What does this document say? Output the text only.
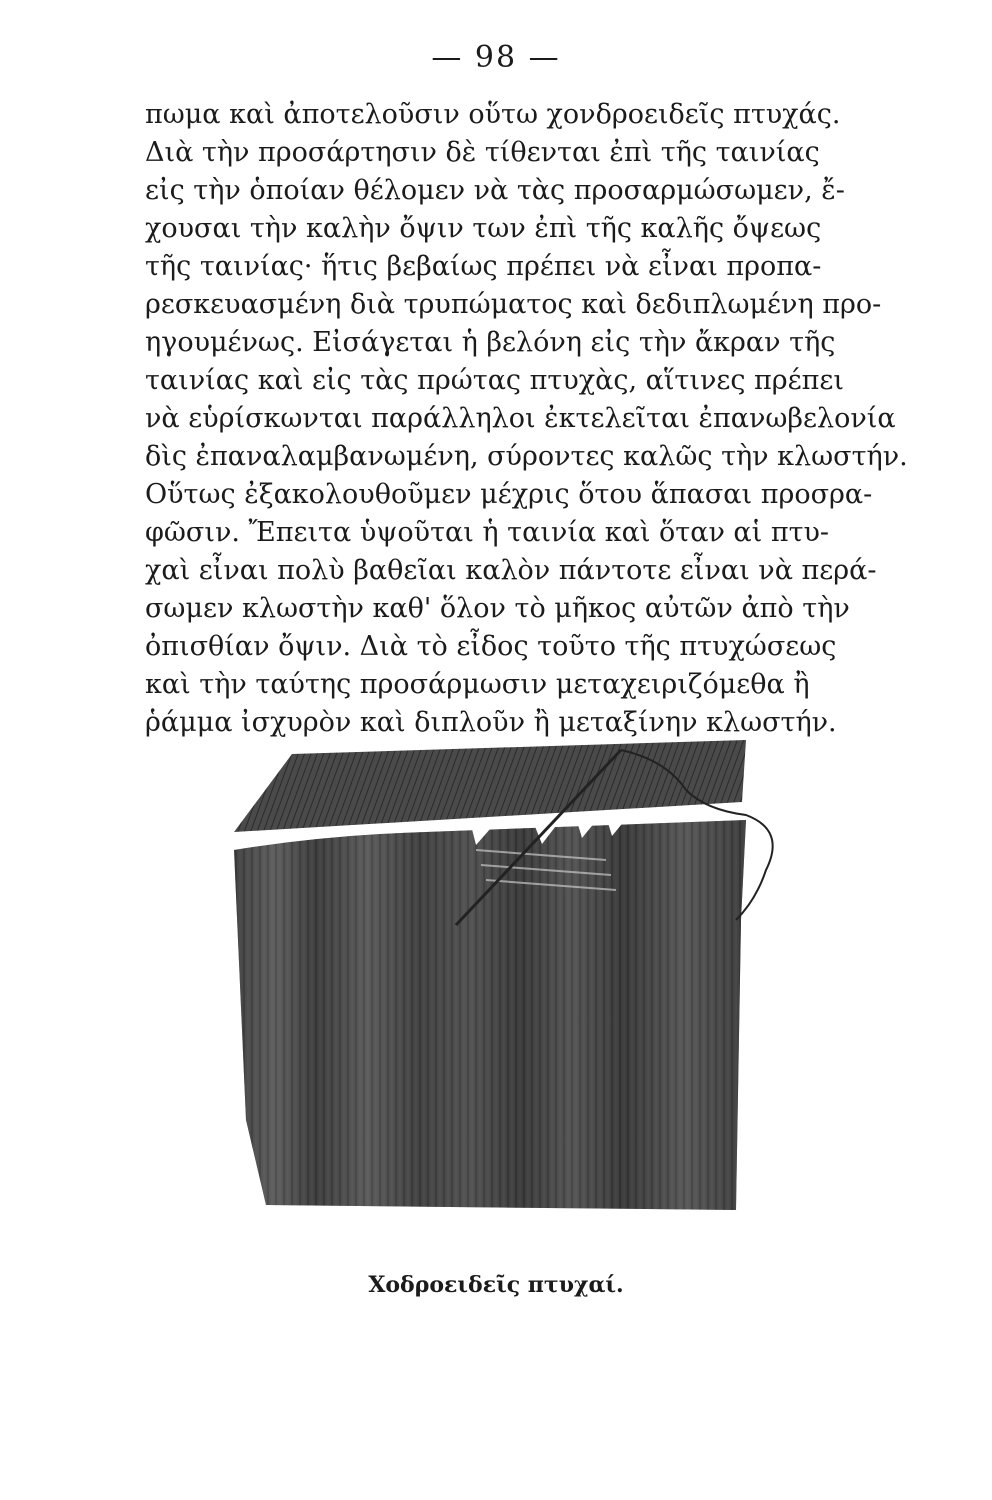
— 98 —
πωμα καὶ ἀποτελοῦσιν οὕτω χονδροειδεῖς πτυχάς.
Διὰ τὴν προσάρτησιν δὲ τίθενται ἐπὶ τῆς ταινίας
εἰς τὴν ὁποίαν θέλομεν νὰ τὰς προσαρμώσωμεν, ἔ-
χουσαι τὴν καλὴν ὄψιν των ἐπὶ τῆς καλῆς ὄψεως
τῆς ταινίας· ἥτις βεβαίως πρέπει νὰ εἶναι προπα-
ρεσκευασμένη διὰ τρυπώματος καὶ δεδιπλωμένη προ-
ηγουμένως. Εἰσάγεται ἡ βελόνη εἰς τὴν ἄκραν τῆς
ταινίας καὶ εἰς τὰς πρώτας πτυχὰς, αἵτινες πρέπει
νὰ εὑρίσκωνται παράλληλοι ἐκτελεῖται ἐπανωβελονία
δὶς ἐπαναλαμβανωμένη, σύροντες καλῶς τὴν κλωστήν.
Οὕτως ἐξακολουθοῦμεν μέχρις ὅτου ἅπασαι προσρα-
φῶσιν. Ἔπειτα ὑψοῦται ἡ ταινία καὶ ὅταν αἱ πτυ-
χαὶ εἶναι πολὺ βαθεῖαι καλὸν πάντοτε εἶναι νὰ περά-
σωμεν κλωστὴν καθ' ὅλον τὸ μῆκος αὐτῶν ἀπὸ τὴν
ὀπισθίαν ὄψιν. Διὰ τὸ εἶδος τοῦτο τῆς πτυχώσεως
καὶ τὴν ταύτης προσάρμωσιν μεταχειριζόμεθα ἢ
ῥάμμα ἰσχυρὸν καὶ διπλοῦν ἢ μεταξίνην κλωστήν.
Χοδροειδεῖς πτυχαί.
